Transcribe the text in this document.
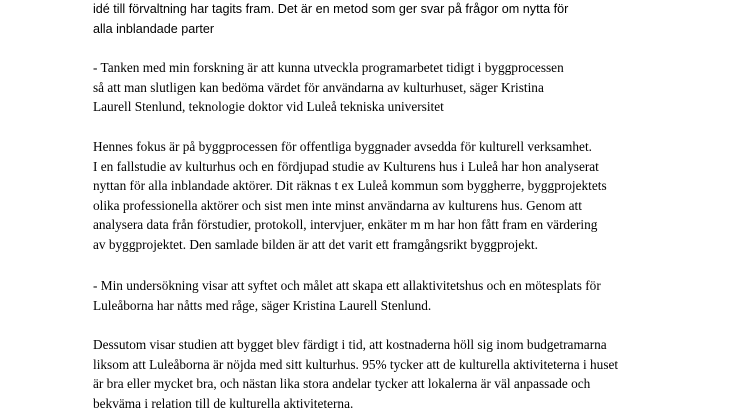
idé till förvaltning har tagits fram. Det är en metod som ger svar på frågor om nytta för
alla inblandade parter
- Tanken med min forskning är att kunna utveckla programarbetet tidigt i byggprocessen
så att man slutligen kan bedöma värdet för användarna av kulturhuset, säger Kristina
Laurell Stenlund, teknologie doktor vid Luleå tekniska universitet
Hennes fokus är på byggprocessen för offentliga byggnader avsedda för kulturell verksamhet.
I en fallstudie av kulturhus och en fördjupad studie av Kulturens hus i Luleå har hon analyserat
nyttan för alla inblandade aktörer. Dit räknas t ex Luleå kommun som byggherre, byggprojektets
olika professionella aktörer och sist men inte minst användarna av kulturens hus. Genom att
analysera data från förstudier, protokoll, intervjuer, enkäter m m har hon fått fram en värdering
av byggprojektet. Den samlade bilden är att det varit ett framgångsrikt byggprojekt.
- Min undersökning visar att syftet och målet att skapa ett allaktivitetshus och en mötesplats för
Luleåborna har nåtts med råge, säger Kristina Laurell Stenlund.
Dessutom visar studien att bygget blev färdigt i tid, att kostnaderna höll sig inom budgetramarna
liksom att Luleåborna är nöjda med sitt kulturhus. 95% tycker att de kulturella aktiviteterna i huset
är bra eller mycket bra, och nästan lika stora andelar tycker att lokalerna är väl anpassade och
bekväma i relation till de kulturella aktiviteterna.
